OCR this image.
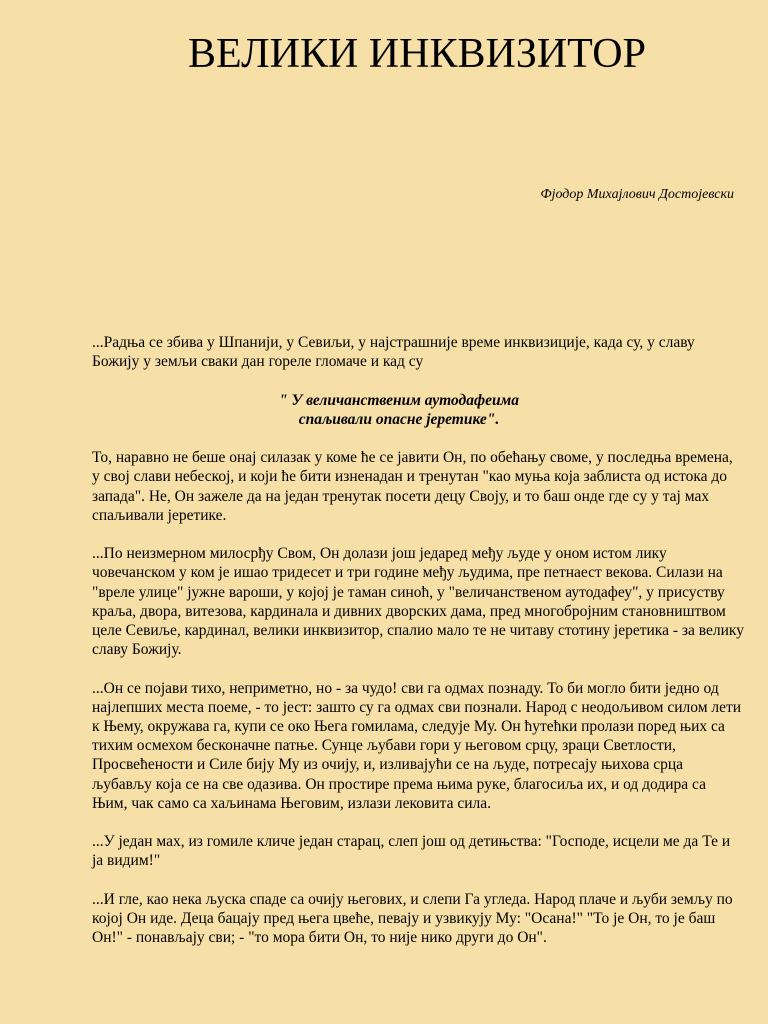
ВЕЛИКИ ИНКВИЗИТОР

Фјодор Михајлович Достојевски

...Радња се збива у Шпанији, у Севиљи, у најстрашније време инквизиције, када су, у славу Божију у земљи сваки дан гореле гломаче и кад су

" У величанственим аутодафеима
спаљивали опасне јеретике".

To, наравно не беше онај силазак у коме ће се јавити Он, по обећању своме, у последња времена, у свој слави небеској, и који ће бити изненадан и тренутан "као муња која заблиста од истока до запада". Не, Он зажеле да на један тренутак посети децу Своју, и то баш онде где су у тај мах спаљивали јеретике.

...По неизмерном милосрђу Свом, Он долази још једаред међу људе у оном истом лику човечанском у ком је ишао тридесет и три године међу људима, пре петнаест векова. Силази на "вреле улице" јужне вароши, у којој је таман синоћ, у "величанственом аутодафеу", у присуству краља, двора, витезова, кардинала и дивних дворских дама, пред многобројним становништвом целе Севиље, кардинал, велики инквизитор, спалио мало те не читаву стотину јеретика - за велику славу Божију.

...Он се појави тихо, неприметно, но - за чудо! сви га одмах познаду. То би могло бити једно од најлепших места поеме, - то јест: зашто су га одмах сви познали. Народ с неодољивом силом лети к Њему, окружава га, купи се око Њега гомилама, следује Му. Он ћутећки пролази поред њих са тихим осмехом бесконачне патње. Сунце љубави гори у његовом срцу, зраци Светлости, Просвећености и Силе бију Му из очију, и, изливајући се на људе, потресају њихова срца љубављу која се на све одазива. Он простире према њима руке, благосиља их, и од додира са Њим, чак само са хаљинама Његовим, излази лековита сила.

...У један мах, из гомиле кличе један старац, слеп још од детињства: "Господе, исцели ме да Те и ја видим!"

...И гле, као нека љуска спаде са очију његових, и слепи Га угледа. Народ плаче и љуби земљу по којој Он иде. Деца бацају пред њега цвеће, певају и узвикују Му: "Осана!" "То је Он, то је баш Он!" - понављају сви; - "то мора бити Он, то није нико други до Он".
